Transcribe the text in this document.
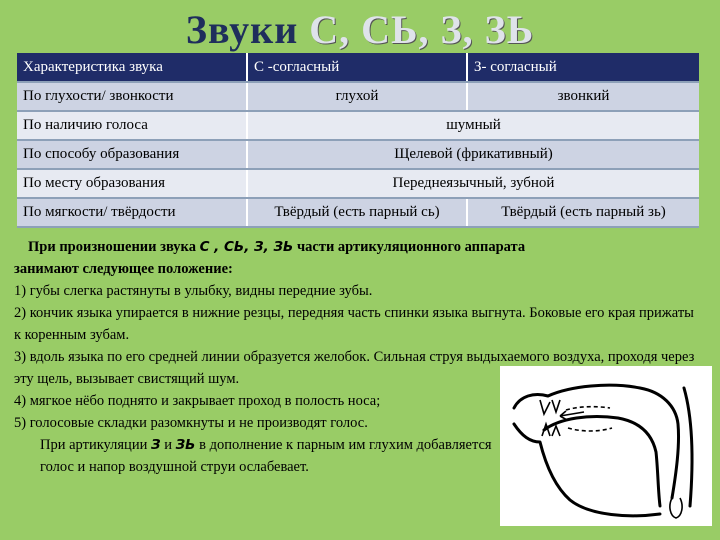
Звуки С, СЬ, З, ЗЬ
Характеристика звука	С -согласный	З- согласный
По глухости/ звонкости	глухой	звонкий
По наличию голоса	шумный	
По способу образования	Щелевой (фрикативный)	
По месту образования	Переднеязычный, зубной	
По мягкости/ твёрдости	Твёрдый (есть парный сь)	Твёрдый (есть парный зь)

При произношении звука С , СЬ, З, ЗЬ части артикуляционного аппарата

занимают следующее положение:

1) губы слегка растянуты в улыбку, видны передние зубы.

2) кончик языка упирается в нижние резцы, передняя часть спинки языка выгнута. Боковые его края прижаты к коренным зубам.

3) вдоль языка по его средней линии образуется желобок. Сильная струя выдыхаемого воздуха, проходя через эту щель, вызывает свистящий шум.

4) мягкое нёбо поднято и закрывает проход в полость носа;

5) голосовые складки разомкнуты и не производят голос.

При артикуляции З и ЗЬ в дополнение к парным им глухим добавляется голос и напор воздушной струи ослабевает.
